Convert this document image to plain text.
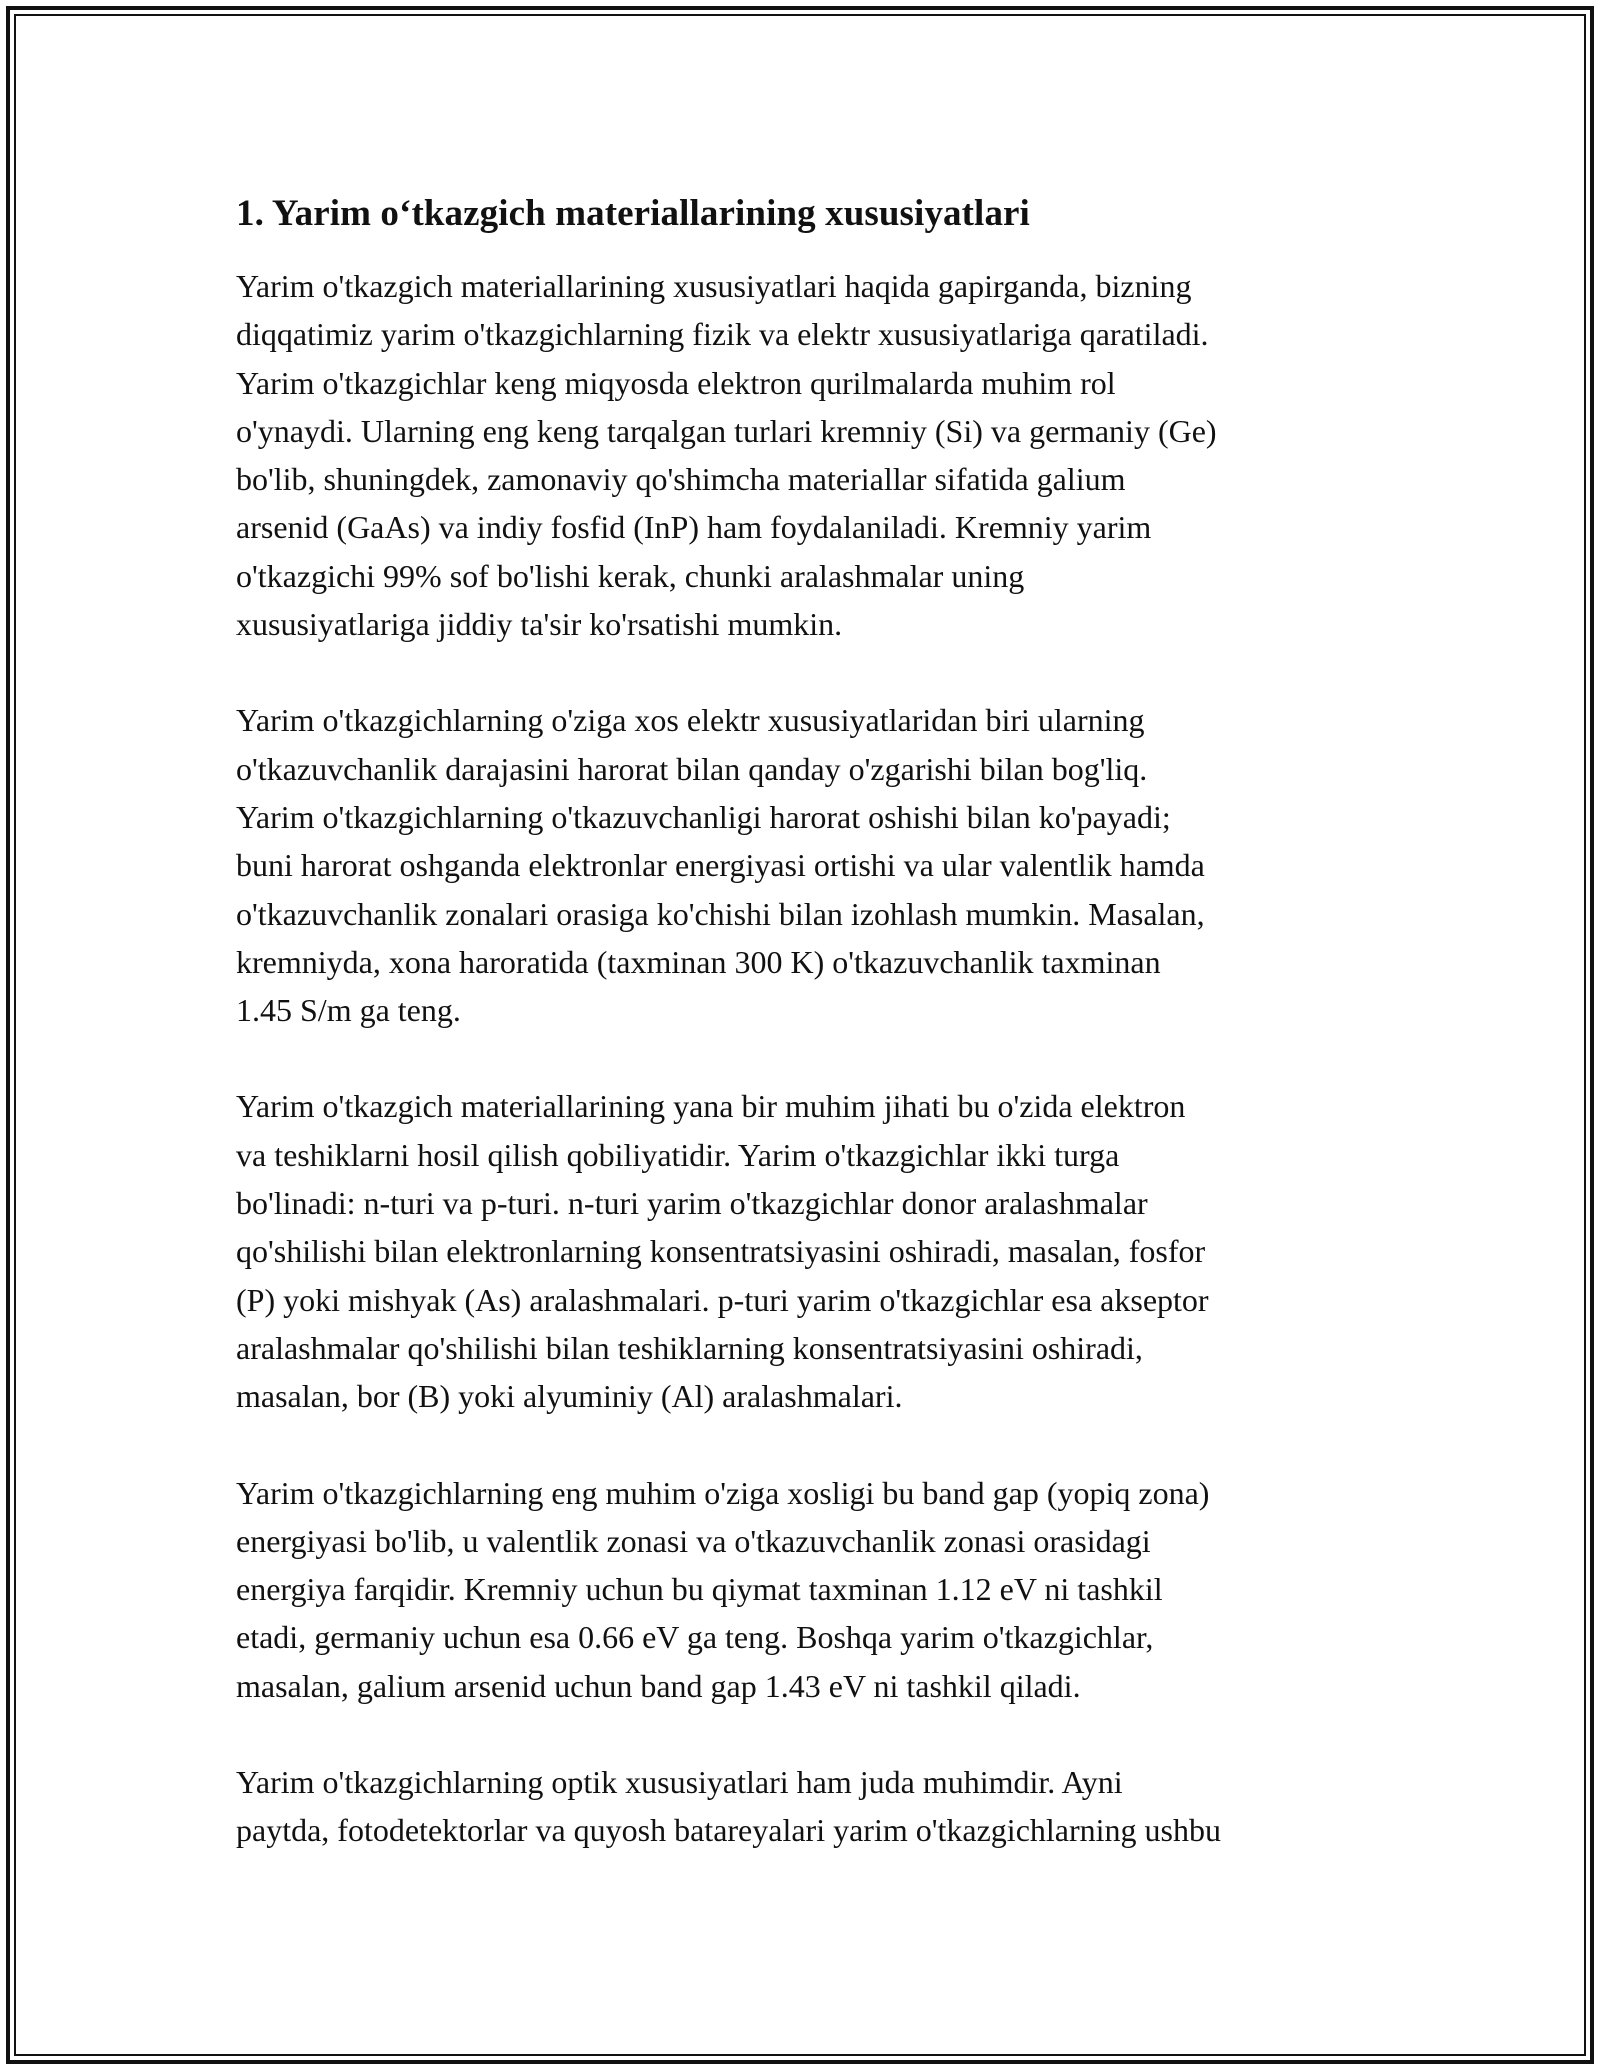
1. Yarim o‘tkazgich materiallarining xususiyatlari

Yarim o'tkazgich materiallarining xususiyatlari haqida gapirganda, bizning
diqqatimiz yarim o'tkazgichlarning fizik va elektr xususiyatlariga qaratiladi.
Yarim o'tkazgichlar keng miqyosda elektron qurilmalarda muhim rol
o'ynaydi. Ularning eng keng tarqalgan turlari kremniy (Si) va germaniy (Ge)
bo'lib, shuningdek, zamonaviy qo'shimcha materiallar sifatida galium
arsenid (GaAs) va indiy fosfid (InP) ham foydalaniladi. Kremniy yarim
o'tkazgichi 99% sof bo'lishi kerak, chunki aralashmalar uning
xususiyatlariga jiddiy ta'sir ko'rsatishi mumkin.

Yarim o'tkazgichlarning o'ziga xos elektr xususiyatlaridan biri ularning
o'tkazuvchanlik darajasini harorat bilan qanday o'zgarishi bilan bog'liq.
Yarim o'tkazgichlarning o'tkazuvchanligi harorat oshishi bilan ko'payadi;
buni harorat oshganda elektronlar energiyasi ortishi va ular valentlik hamda
o'tkazuvchanlik zonalari orasiga ko'chishi bilan izohlash mumkin. Masalan,
kremniyda, xona haroratida (taxminan 300 K) o'tkazuvchanlik taxminan
1.45 S/m ga teng.

Yarim o'tkazgich materiallarining yana bir muhim jihati bu o'zida elektron
va teshiklarni hosil qilish qobiliyatidir. Yarim o'tkazgichlar ikki turga
bo'linadi: n-turi va p-turi. n-turi yarim o'tkazgichlar donor aralashmalar
qo'shilishi bilan elektronlarning konsentratsiyasini oshiradi, masalan, fosfor
(P) yoki mishyak (As) aralashmalari. p-turi yarim o'tkazgichlar esa akseptor
aralashmalar qo'shilishi bilan teshiklarning konsentratsiyasini oshiradi,
masalan, bor (B) yoki alyuminiy (Al) aralashmalari.

Yarim o'tkazgichlarning eng muhim o'ziga xosligi bu band gap (yopiq zona)
energiyasi bo'lib, u valentlik zonasi va o'tkazuvchanlik zonasi orasidagi
energiya farqidir. Kremniy uchun bu qiymat taxminan 1.12 eV ni tashkil
etadi, germaniy uchun esa 0.66 eV ga teng. Boshqa yarim o'tkazgichlar,
masalan, galium arsenid uchun band gap 1.43 eV ni tashkil qiladi.

Yarim o'tkazgichlarning optik xususiyatlari ham juda muhimdir. Ayni
paytda, fotodetektorlar va quyosh batareyalari yarim o'tkazgichlarning ushbu
